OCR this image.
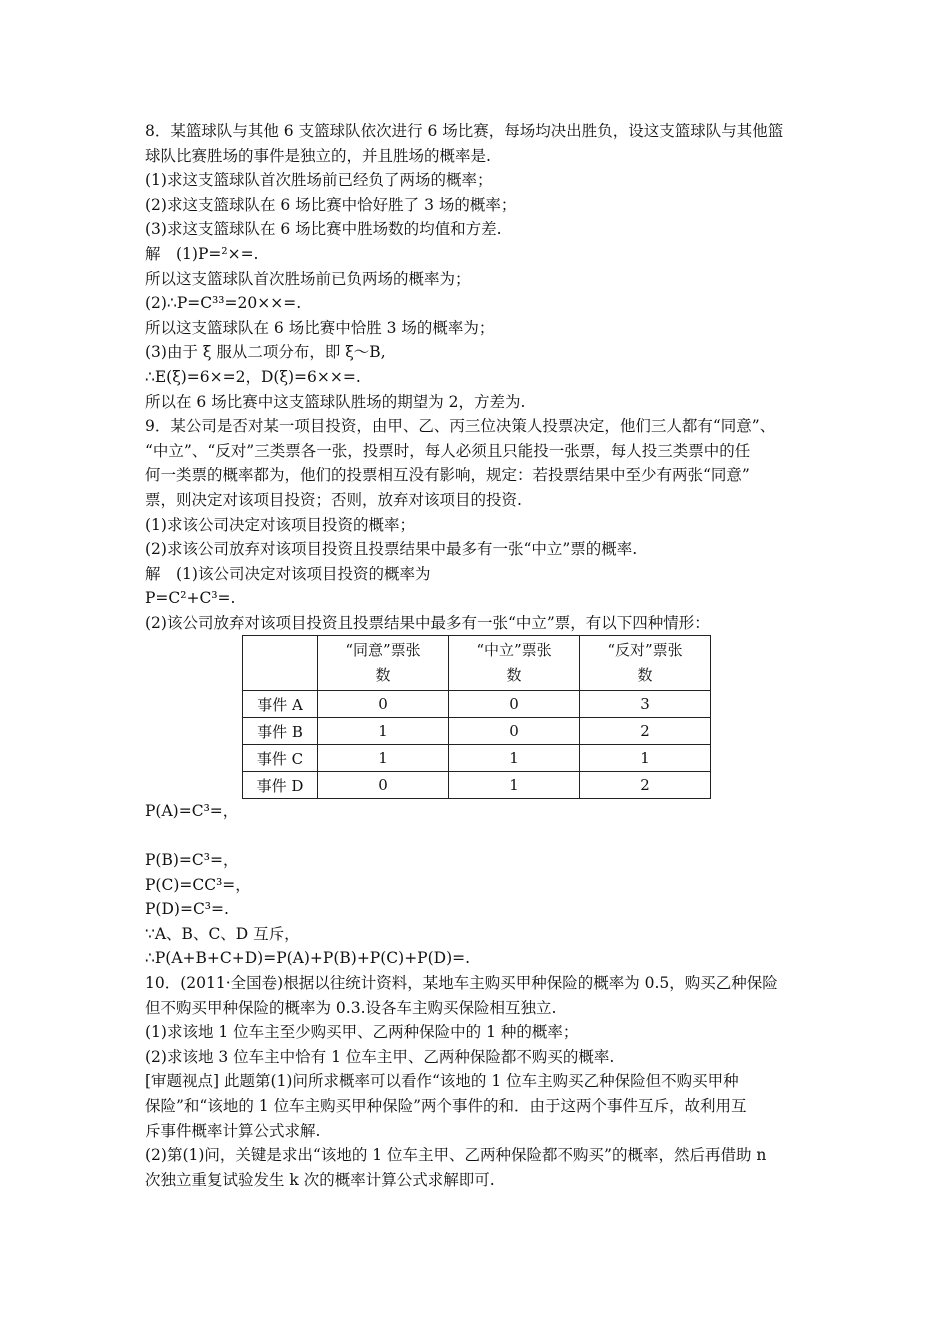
8．某篮球队与其他 6 支篮球队依次进行 6 场比赛，每场均决出胜负，设这支篮球队与其他篮

球队比赛胜场的事件是独立的，并且胜场的概率是.

(1)求这支篮球队首次胜场前已经负了两场的概率；

(2)求这支篮球队在 6 场比赛中恰好胜了 3 场的概率；

(3)求这支篮球队在 6 场比赛中胜场数的均值和方差.

解　(1)P=²×=.

所以这支篮球队首次胜场前已负两场的概率为；

(2)∴P=C³³=20××=.

所以这支篮球队在 6 场比赛中恰胜 3 场的概率为；

(3)由于 ξ 服从二项分布，即 ξ～B,

∴E(ξ)=6×=2，D(ξ)=6××=.

所以在 6 场比赛中这支篮球队胜场的期望为 2，方差为.

9．某公司是否对某一项目投资，由甲、乙、丙三位决策人投票决定，他们三人都有“同意”、

“中立”、“反对”三类票各一张，投票时，每人必须且只能投一张票，每人投三类票中的任

何一类票的概率都为，他们的投票相互没有影响，规定：若投票结果中至少有两张“同意”

票，则决定对该项目投资；否则，放弃对该项目的投资.

(1)求该公司决定对该项目投资的概率；

(2)求该公司放弃对该项目投资且投票结果中最多有一张“中立”票的概率.

解　(1)该公司决定对该项目投资的概率为

P=C²+C³=.

(2)该公司放弃对该项目投资且投票结果中最多有一张“中立”票，有以下四种情形：

	“同意”票张
数	“中立”票张
数	“反对”票张
数
事件 A	0	0	3
事件 B	1	0	2
事件 C	1	1	1
事件 D	0	1	2

P(A)=C³=，

P(B)=C³=，

P(C)=CC³=，

P(D)=C³=.

∵A、B、C、D 互斥，

∴P(A+B+C+D)=P(A)+P(B)+P(C)+P(D)=.

10．(2011·全国卷)根据以往统计资料，某地车主购买甲种保险的概率为 0.5，购买乙种保险

但不购买甲种保险的概率为 0.3.设各车主购买保险相互独立.

(1)求该地 1 位车主至少购买甲、乙两种保险中的 1 种的概率；

(2)求该地 3 位车主中恰有 1 位车主甲、乙两种保险都不购买的概率.

[审题视点] 此题第(1)问所求概率可以看作“该地的 1 位车主购买乙种保险但不购买甲种

保险”和“该地的 1 位车主购买甲种保险”两个事件的和．由于这两个事件互斥，故利用互

斥事件概率计算公式求解.

(2)第(1)问，关键是求出“该地的 1 位车主甲、乙两种保险都不购买”的概率，然后再借助 n

次独立重复试验发生 k 次的概率计算公式求解即可.
